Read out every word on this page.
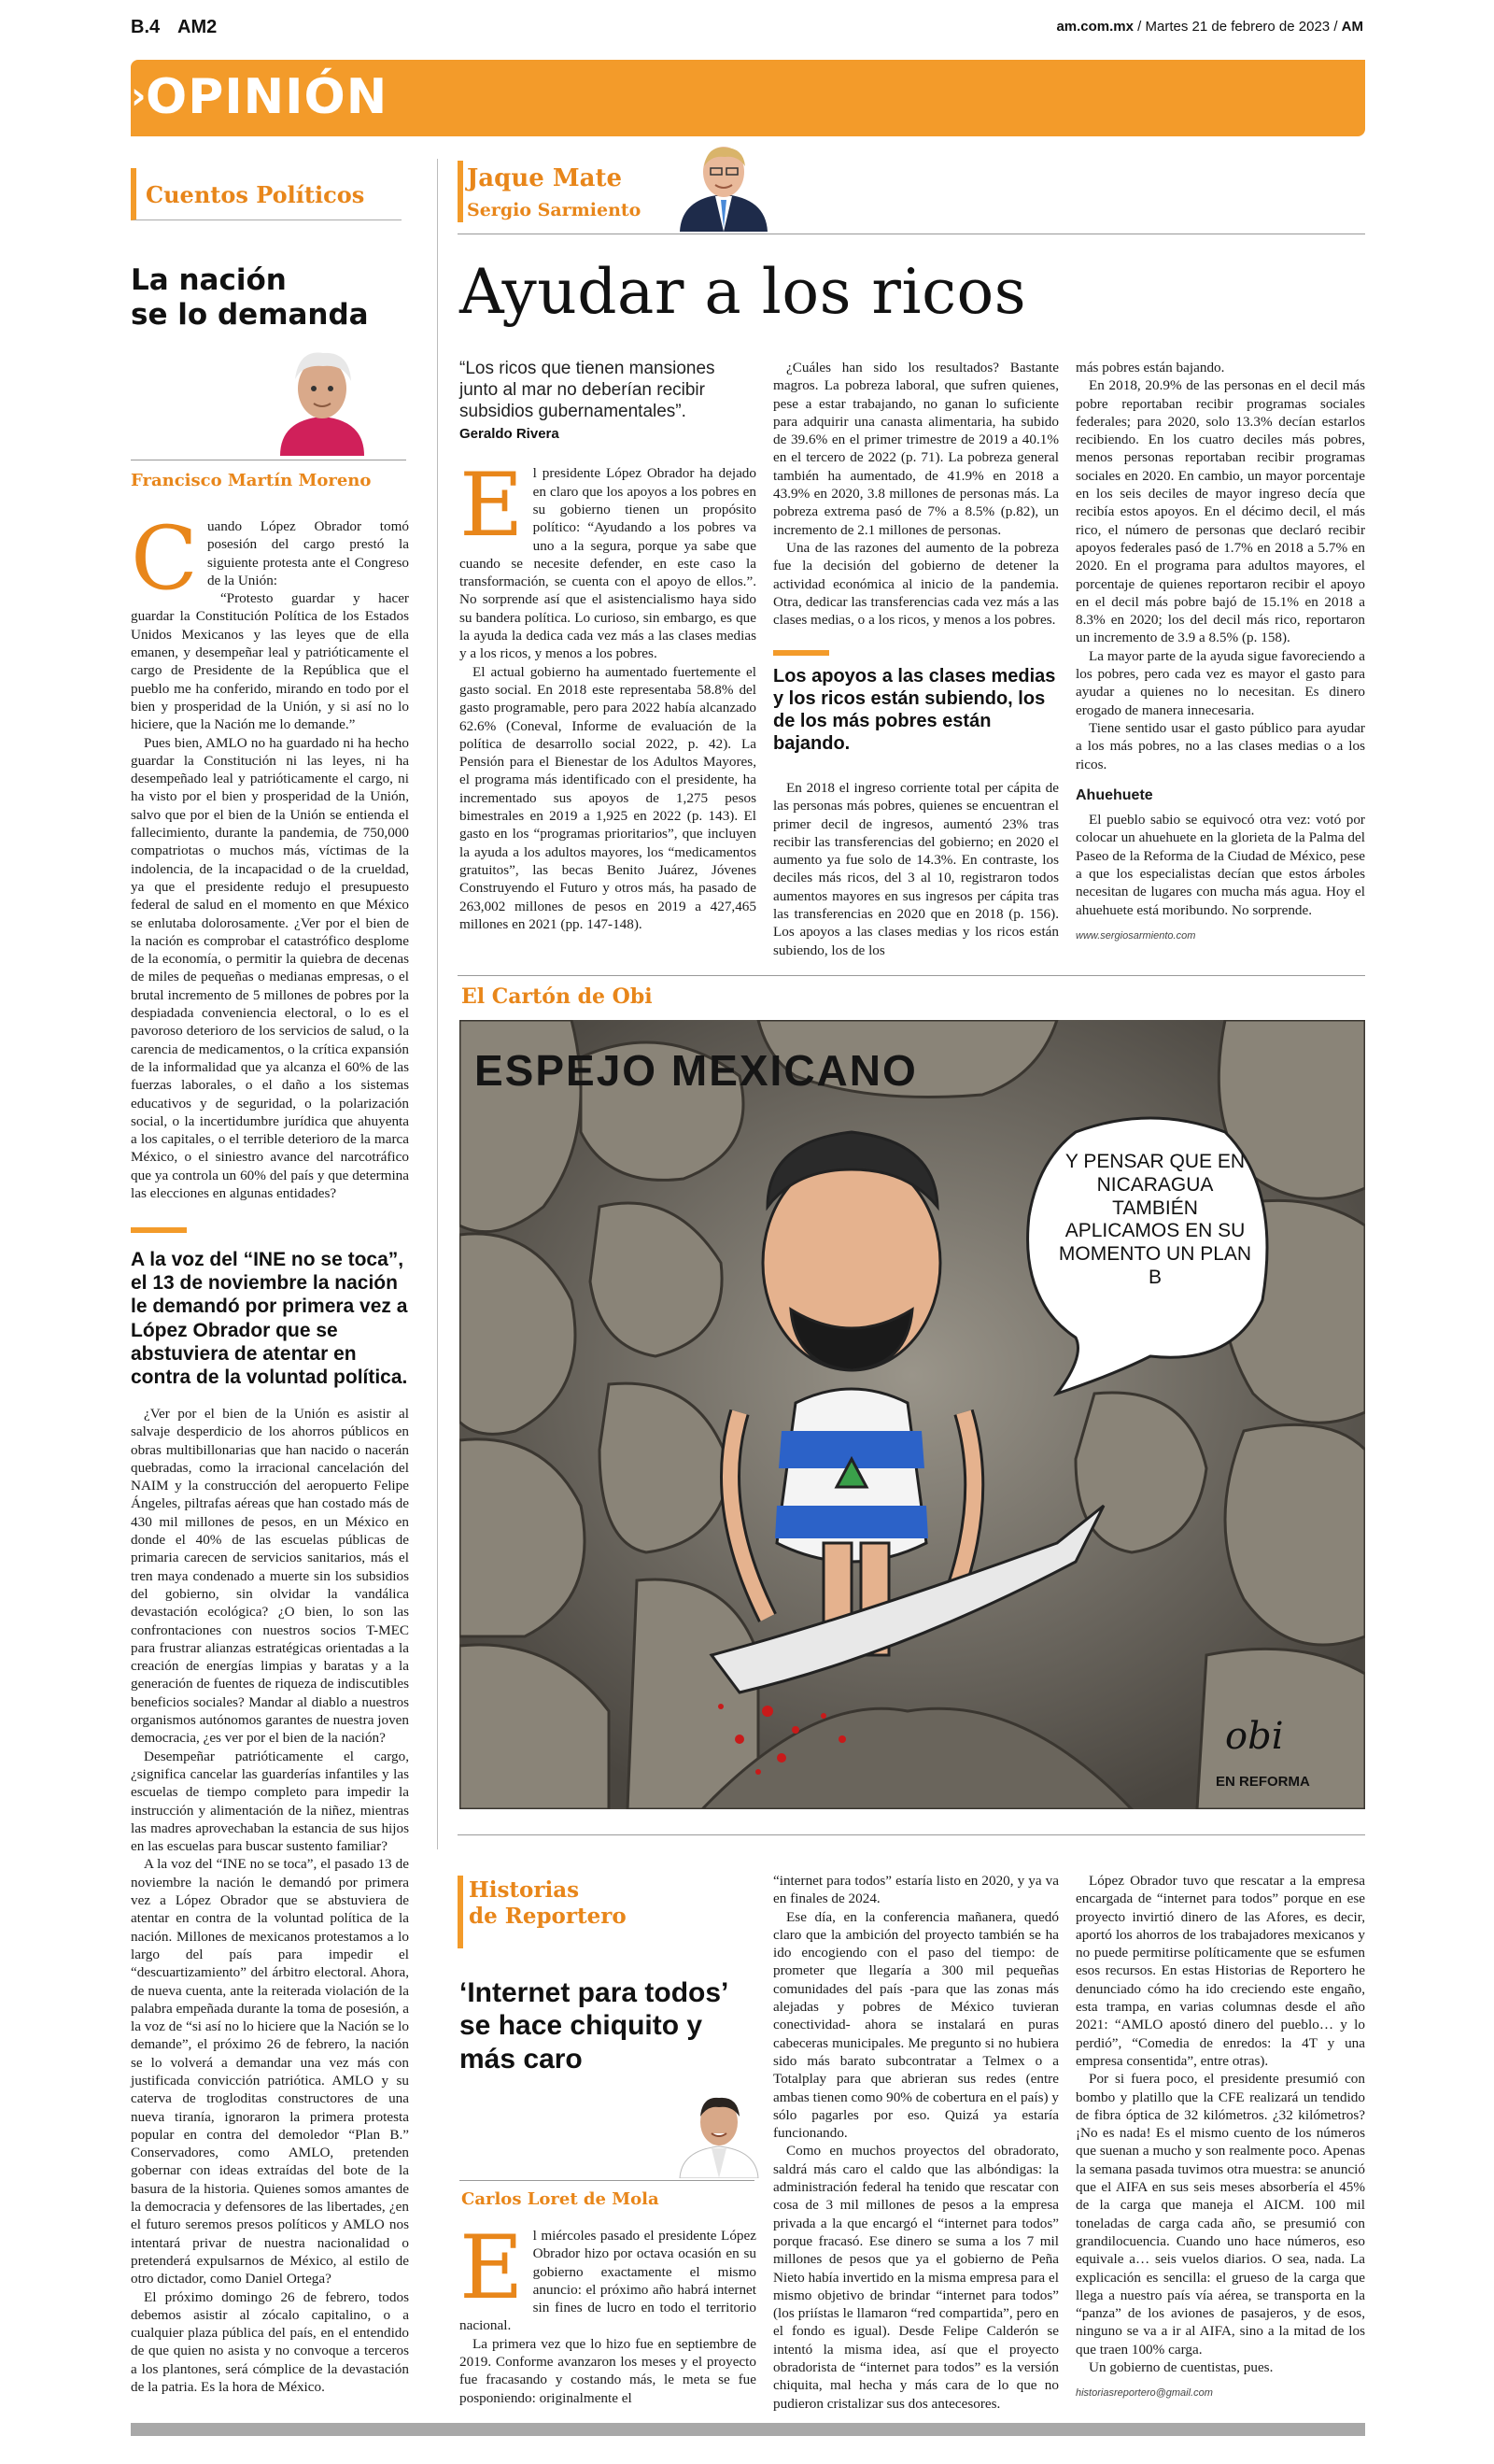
B.4 AM2	am.com.mx / Martes 21 de febrero de 2023 / AM
› OPINIÓN
Cuentos Políticos
La nación
se lo demanda
Francisco Martín Moreno
C uando López Obrador tomó posesión del cargo prestó la siguiente protesta ante el Congreso de la Unión:

“Protesto guardar y hacer guardar la Constitución Política de los Estados Unidos Mexicanos y las leyes que de ella emanen, y desempeñar leal y patrióticamente el cargo de Presidente de la República que el pueblo me ha conferido, mirando en todo por el bien y prosperidad de la Unión, y si así no lo hiciere, que la Nación me lo demande.”

Pues bien, AMLO no ha guardado ni ha hecho guardar la Constitución ni las leyes, ni ha desempeñado leal y patrióticamente el cargo, ni ha visto por el bien y prosperidad de la Unión, salvo que por el bien de la Unión se entienda el fallecimiento, durante la pandemia, de 750,000 compatriotas o muchos más, víctimas de la indolencia, de la incapacidad o de la crueldad, ya que el presidente redujo el presupuesto federal de salud en el momento en que México se enlutaba dolorosamente. ¿Ver por el bien de la nación es comprobar el catastrófico desplome de la economía, o permitir la quiebra de decenas de miles de pequeñas o medianas empresas, o el brutal incremento de 5 millones de pobres por la despiadada conveniencia electoral, o lo es el pavoroso deterioro de los servicios de salud, o la carencia de medicamentos, o la crítica expansión de la informalidad que ya alcanza el 60% de las fuerzas laborales, o el daño a los sistemas educativos y de seguridad, o la polarización social, o la incertidumbre jurídica que ahuyenta a los capitales, o el terrible deterioro de la marca México, o el siniestro avance del narcotráfico que ya controla un 60% del país y que determina las elecciones en algunas entidades?

A la voz del “INE no se toca”, el 13 de noviembre la nación le demandó por primera vez a López Obrador que se abstuviera de atentar en contra de la voluntad política.

¿Ver por el bien de la Unión es asistir al salvaje desperdicio de los ahorros públicos en obras multibillonarias que han nacido o nacerán quebradas, como la irracional cancelación del NAIM y la construcción del aeropuerto Felipe Ángeles, piltrafas aéreas que han costado más de 430 mil millones de pesos, en un México en donde el 40% de las escuelas públicas de primaria carecen de servicios sanitarios, más el tren maya condenado a muerte sin los subsidios del gobierno, sin olvidar la vandálica devastación ecológica? ¿O bien, lo son las confrontaciones con nuestros socios T-MEC para frustrar alianzas estratégicas orientadas a la creación de energías limpias y baratas y a la generación de fuentes de riqueza de indiscutibles beneficios sociales? Mandar al diablo a nuestros organismos autónomos garantes de nuestra joven democracia, ¿es ver por el bien de la nación?

Desempeñar patrióticamente el cargo, ¿significa cancelar las guarderías infantiles y las escuelas de tiempo completo para impedir la instrucción y alimentación de la niñez, mientras las madres aprovechaban la estancia de sus hijos en las escuelas para buscar sustento familiar?

A la voz del “INE no se toca”, el pasado 13 de noviembre la nación le demandó por primera vez a López Obrador que se abstuviera de atentar en contra de la voluntad política de la nación. Millones de mexicanos protestamos a lo largo del país para impedir el “descuartizamiento” del árbitro electoral. Ahora, de nueva cuenta, ante la reiterada violación de la palabra empeñada durante la toma de posesión, a la voz de “si así no lo hiciere que la Nación se lo demande”, el próximo 26 de febrero, la nación se lo volverá a demandar una vez más con justificada convicción patriótica. AMLO y su caterva de trogloditas constructores de una nueva tiranía, ignoraron la primera protesta popular en contra del demoledor “Plan B.” Conservadores, como AMLO, pretenden gobernar con ideas extraídas del bote de la basura de la historia. Quienes somos amantes de la democracia y defensores de las libertades, ¿en el futuro seremos presos políticos y AMLO nos intentará privar de nuestra nacionalidad o pretenderá expulsarnos de México, al estilo de otro dictador, como Daniel Ortega?

El próximo domingo 26 de febrero, todos debemos asistir al zócalo capitalino, o a cualquier plaza pública del país, en el entendido de que quien no asista y no convoque a terceros a los plantones, será cómplice de la devastación de la patria. Es la hora de México.

Jaque Mate
Sergio Sarmiento
Ayudar a los ricos
“Los ricos que tienen mansiones junto al mar no deberían recibir subsidios gubernamentales”.
Geraldo Rivera
E l presidente López Obrador ha dejado en claro que los apoyos a los pobres en su gobierno tienen un propósito político: “Ayudando a los pobres va uno a la segura, porque ya sabe que cuando se necesite defender, en este caso la transformación, se cuenta con el apoyo de ellos.”. No sorprende así que el asistencialismo haya sido su bandera política. Lo curioso, sin embargo, es que la ayuda la dedica cada vez más a las clases medias y a los ricos, y menos a los pobres.

El actual gobierno ha aumentado fuertemente el gasto social. En 2018 este representaba 58.8% del gasto programable, pero para 2022 había alcanzado 62.6% (Coneval, Informe de evaluación de la política de desarrollo social 2022, p. 42). La Pensión para el Bienestar de los Adultos Mayores, el programa más identificado con el presidente, ha incrementado sus apoyos de 1,275 pesos bimestrales en 2019 a 1,925 en 2022 (p. 143). El gasto en los “programas prioritarios”, que incluyen la ayuda a los adultos mayores, los “medicamentos gratuitos”, las becas Benito Juárez, Jóvenes Construyendo el Futuro y otros más, ha pasado de 263,002 millones de pesos en 2019 a 427,465 millones en 2021 (pp. 147-148).

¿Cuáles han sido los resultados? Bastante magros. La pobreza laboral, que sufren quienes, pese a estar trabajando, no ganan lo suficiente para adquirir una canasta alimentaria, ha subido de 39.6% en el primer trimestre de 2019 a 40.1% en el tercero de 2022 (p. 71). La pobreza general también ha aumentado, de 41.9% en 2018 a 43.9% en 2020, 3.8 millones de personas más. La pobreza extrema pasó de 7% a 8.5% (p.82), un incremento de 2.1 millones de personas.

Una de las razones del aumento de la pobreza fue la decisión del gobierno de detener la actividad económica al inicio de la pandemia. Otra, dedicar las transferencias cada vez más a las clases medias, o a los ricos, y menos a los pobres.

Los apoyos a las clases medias y los ricos están subiendo, los de los más pobres están bajando.

En 2018 el ingreso corriente total per cápita de las personas más pobres, quienes se encuentran el primer decil de ingresos, aumentó 23% tras recibir las transferencias del gobierno; en 2020 el aumento ya fue solo de 14.3%. En contraste, los deciles más ricos, del 3 al 10, registraron todos aumentos mayores en sus ingresos per cápita tras las transferencias en 2020 que en 2018 (p. 156). Los apoyos a las clases medias y los ricos están subiendo, los de los

más pobres están bajando.

En 2018, 20.9% de las personas en el decil más pobre reportaban recibir programas sociales federales; para 2020, solo 13.3% decían estarlos recibiendo. En los cuatro deciles más pobres, menos personas reportaban recibir programas sociales en 2020. En cambio, un mayor porcentaje en los seis deciles de mayor ingreso decía que recibía estos apoyos. En el décimo decil, el más rico, el número de personas que declaró recibir apoyos federales pasó de 1.7% en 2018 a 5.7% en 2020. En el programa para adultos mayores, el porcentaje de quienes reportaron recibir el apoyo en el decil más pobre bajó de 15.1% en 2018 a 8.3% en 2020; los del decil más rico, reportaron un incremento de 3.9 a 8.5% (p. 158).

La mayor parte de la ayuda sigue favoreciendo a los pobres, pero cada vez es mayor el gasto para ayudar a quienes no lo necesitan. Es dinero erogado de manera innecesaria.

Tiene sentido usar el gasto público para ayudar a los más pobres, no a las clases medias o a los ricos.

Ahuehuete

El pueblo sabio se equivocó otra vez: votó por colocar un ahuehuete en la glorieta de la Palma del Paseo de la Reforma de la Ciudad de México, pese a que los especialistas decían que estos árboles necesitan de lugares con mucha más agua. Hoy el ahuehuete está moribundo. No sorprende.

www.sergiosarmiento.com

El Cartón de Obi
ESPEJO MEXICANO
Y PENSAR QUE EN NICARAGUA TAMBIÉN APLICAMOS EN SU MOMENTO UN PLAN B
obi
EN REFORMA
Historias
de Reportero
‘Internet para todos’ se hace chiquito y más caro
Carlos Loret de Mola
E l miércoles pasado el presidente López Obrador hizo por octava ocasión en su gobierno exactamente el mismo anuncio: el próximo año habrá internet sin fines de lucro en todo el territorio nacional.

La primera vez que lo hizo fue en septiembre de 2019. Conforme avanzaron los meses y el proyecto fue fracasando y costando más, le meta se fue posponiendo: originalmente el

“internet para todos” estaría listo en 2020, y ya va en finales de 2024.

Ese día, en la conferencia mañanera, quedó claro que la ambición del proyecto también se ha ido encogiendo con el paso del tiempo: de prometer que llegaría a 300 mil pequeñas comunidades del país -para que las zonas más alejadas y pobres de México tuvieran conectividad- ahora se instalará en puras cabeceras municipales. Me pregunto si no hubiera sido más barato subcontratar a Telmex o a Totalplay para que abrieran sus redes (entre ambas tienen como 90% de cobertura en el país) y sólo pagarles por eso. Quizá ya estaría funcionando.

Como en muchos proyectos del obradorato, saldrá más caro el caldo que las albóndigas: la administración federal ha tenido que rescatar con cosa de 3 mil millones de pesos a la empresa privada a la que encargó el “internet para todos” porque fracasó. Ese dinero se suma a los 7 mil millones de pesos que ya el gobierno de Peña Nieto había invertido en la misma empresa para el mismo objetivo de brindar “internet para todos” (los priístas le llamaron “red compartida”, pero en el fondo es igual). Desde Felipe Calderón se intentó la misma idea, así que el proyecto obradorista de “internet para todos” es la versión chiquita, mal hecha y más cara de lo que no pudieron cristalizar sus dos antecesores.

López Obrador tuvo que rescatar a la empresa encargada de “internet para todos” porque en ese proyecto invirtió dinero de las Afores, es decir, aportó los ahorros de los trabajadores mexicanos y no puede permitirse políticamente que se esfumen esos recursos. En estas Historias de Reportero he denunciado cómo ha ido creciendo este engaño, esta trampa, en varias columnas desde el año 2021: “AMLO apostó dinero del pueblo… y lo perdió”, “Comedia de enredos: la 4T y una empresa consentida”, entre otras).

Por si fuera poco, el presidente presumió con bombo y platillo que la CFE realizará un tendido de fibra óptica de 32 kilómetros. ¿32 kilómetros? ¡No es nada! Es el mismo cuento de los números que suenan a mucho y son realmente poco. Apenas la semana pasada tuvimos otra muestra: se anunció que el AIFA en sus seis meses absorbería el 45% de la carga que maneja el AICM. 100 mil toneladas de carga cada año, se presumió con grandilocuencia. Cuando uno hace números, eso equivale a… seis vuelos diarios. O sea, nada. La explicación es sencilla: el grueso de la carga que llega a nuestro país vía aérea, se transporta en la “panza” de los aviones de pasajeros, y de esos, ninguno se va a ir al AIFA, sino a la mitad de los que traen 100% carga.

Un gobierno de cuentistas, pues.

historiasreportero@gmail.com
